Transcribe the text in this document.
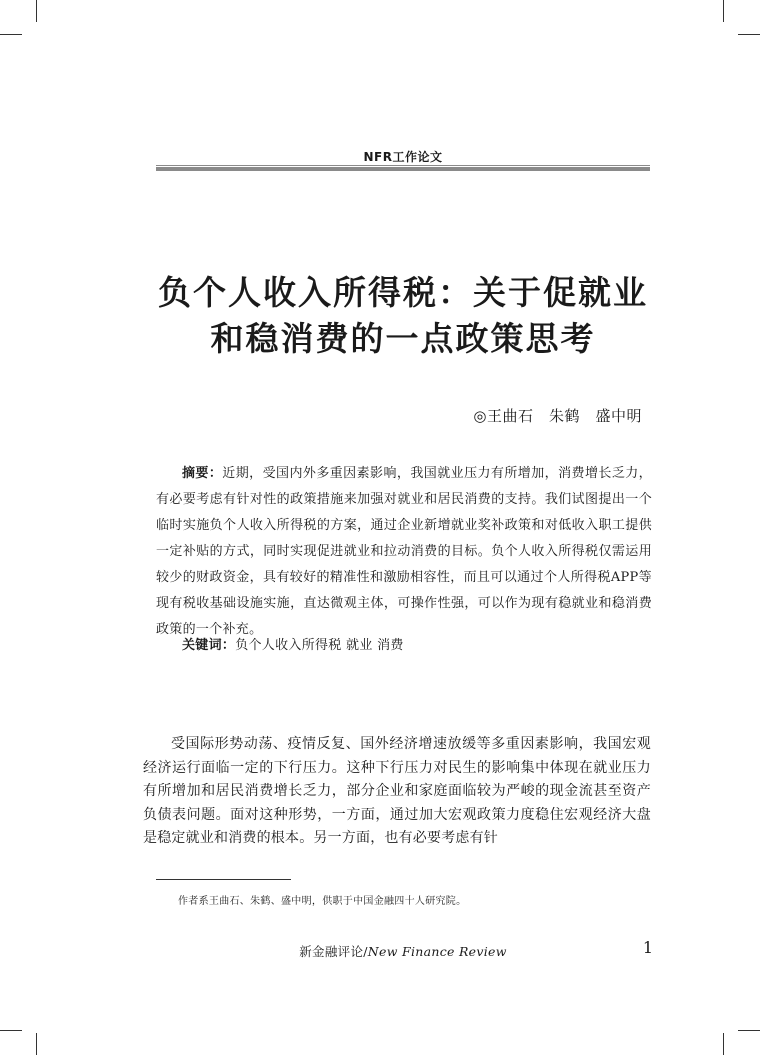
NFR工作论文
负个人收入所得税：关于促就业
和稳消费的一点政策思考
◎王曲石　朱鹤　盛中明

摘要：近期，受国内外多重因素影响，我国就业压力有所增加，消费增长乏力，有必要考虑有针对性的政策措施来加强对就业和居民消费的支持。我们试图提出一个临时实施负个人收入所得税的方案，通过企业新增就业奖补政策和对低收入职工提供一定补贴的方式，同时实现促进就业和拉动消费的目标。负个人收入所得税仅需运用较少的财政资金，具有较好的精准性和激励相容性，而且可以通过个人所得税APP等现有税收基础设施实施，直达微观主体，可操作性强，可以作为现有稳就业和稳消费政策的一个补充。

关键词：负个人收入所得税 就业 消费

受国际形势动荡、疫情反复、国外经济增速放缓等多重因素影响，我国宏观经济运行面临一定的下行压力。这种下行压力对民生的影响集中体现在就业压力有所增加和居民消费增长乏力，部分企业和家庭面临较为严峻的现金流甚至资产负债表问题。面对这种形势，一方面，通过加大宏观政策力度稳住宏观经济大盘是稳定就业和消费的根本。另一方面，也有必要考虑有针

作者系王曲石、朱鹤、盛中明，供职于中国金融四十人研究院。
新金融评论/New Finance Review	1
